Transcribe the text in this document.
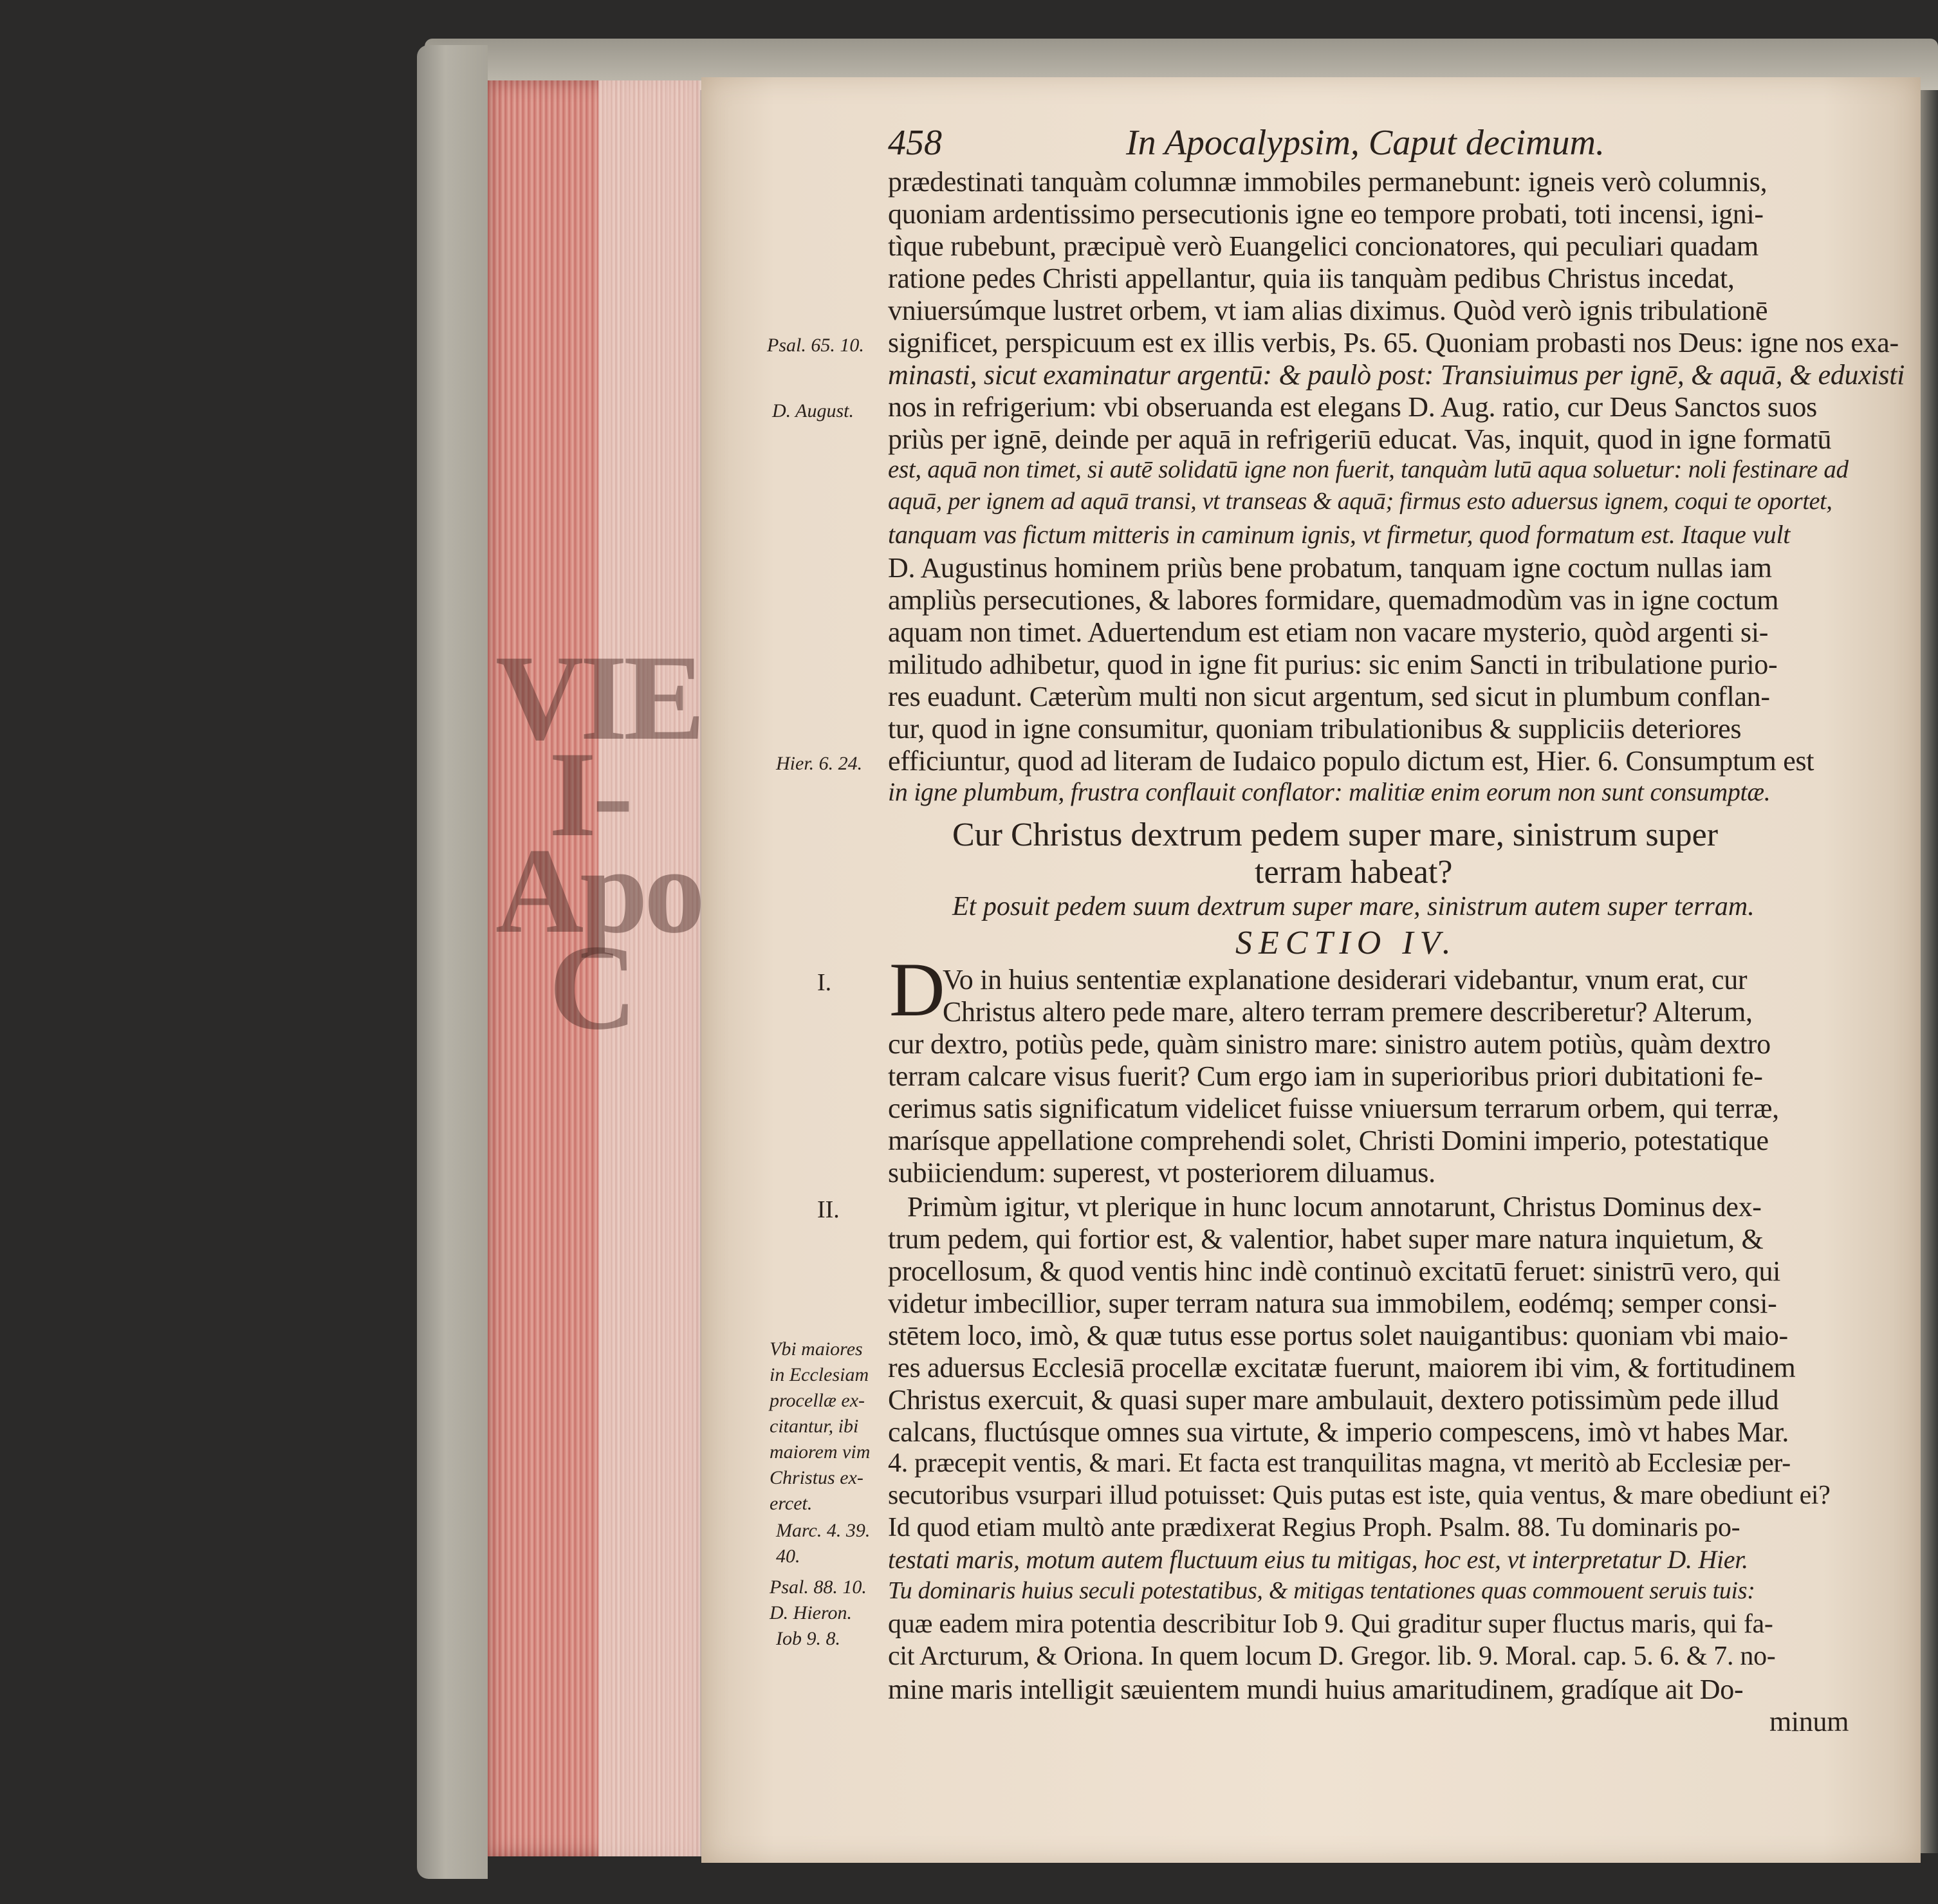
VIE
I-
Apo
C
458	In Apocalypsim, Caput decimum.
prædestinati tanquàm columnæ immobiles permanebunt: igneis verò columnis,
quoniam ardentissimo persecutionis igne eo tempore probati, toti incensi, igni-
tìque rubebunt, præcipuè verò Euangelici concionatores, qui peculiari quadam
ratione pedes Christi appellantur, quia iis tanquàm pedibus Christus incedat,
vniuersúmque lustret orbem, vt iam alias diximus. Quòd verò ignis tribulationē
significet, perspicuum est ex illis verbis, Ps. 65. Quoniam probasti nos Deus: igne nos exa-
minasti, sicut examinatur argentū: & paulò post: Transiuimus per ignē, & aquā, & eduxisti
nos in refrigerium: vbi obseruanda est elegans D. Aug. ratio, cur Deus Sanctos suos
priùs per ignē, deinde per aquā in refrigeriū educat. Vas, inquit, quod in igne formatū
est, aquā non timet, si autē solidatū igne non fuerit, tanquàm lutū aqua soluetur: noli festinare ad
aquā, per ignem ad aquā transi, vt transeas & aquā; firmus esto aduersus ignem, coqui te oportet,
tanquam vas fictum mitteris in caminum ignis, vt firmetur, quod formatum est. Itaque vult
D. Augustinus hominem priùs bene probatum, tanquam igne coctum nullas iam
ampliùs persecutiones, & labores formidare, quemadmodùm vas in igne coctum
aquam non timet. Aduertendum est etiam non vacare mysterio, quòd argenti si-
militudo adhibetur, quod in igne fit purius: sic enim Sancti in tribulatione purio-
res euadunt. Cæterùm multi non sicut argentum, sed sicut in plumbum conflan-
tur, quod in igne consumitur, quoniam tribulationibus & suppliciis deteriores
efficiuntur, quod ad literam de Iudaico populo dictum est, Hier. 6. Consumptum est
in igne plumbum, frustra conflauit conflator: malitiæ enim eorum non sunt consumptæ.
Cur Christus dextrum pedem super mare, sinistrum super
terram habeat?
Et posuit pedem suum dextrum super mare, sinistrum autem super terram.
SECTIO IV.
D
Vo in huius sententiæ explanatione desiderari videbantur, vnum erat, cur
Christus altero pede mare, altero terram premere describeretur? Alterum,
cur dextro, potiùs pede, quàm sinistro mare: sinistro autem potiùs, quàm dextro
terram calcare visus fuerit? Cum ergo iam in superioribus priori dubitationi fe-
cerimus satis significatum videlicet fuisse vniuersum terrarum orbem, qui terræ,
marísque appellatione comprehendi solet, Christi Domini imperio, potestatique
subiiciendum: superest, vt posteriorem diluamus.
Primùm igitur, vt plerique in hunc locum annotarunt, Christus Dominus dex-
trum pedem, qui fortior est, & valentior, habet super mare natura inquietum, &
procellosum, & quod ventis hinc indè continuò excitatū feruet: sinistrū vero, qui
videtur imbecillior, super terram natura sua immobilem, eodémq; semper consi-
stētem loco, imò, & quæ tutus esse portus solet nauigantibus: quoniam vbi maio-
res aduersus Ecclesiā procellæ excitatæ fuerunt, maiorem ibi vim, & fortitudinem
Christus exercuit, & quasi super mare ambulauit, dextero potissimùm pede illud
calcans, fluctúsque omnes sua virtute, & imperio compescens, imò vt habes Mar.
4. præcepit ventis, & mari. Et facta est tranquilitas magna, vt meritò ab Ecclesiæ per-
secutoribus vsurpari illud potuisset: Quis putas est iste, quia ventus, & mare obediunt ei?
Id quod etiam multò ante prædixerat Regius Proph. Psalm. 88. Tu dominaris po-
testati maris, motum autem fluctuum eius tu mitigas, hoc est, vt interpretatur D. Hier.
Tu dominaris huius seculi potestatibus, & mitigas tentationes quas commouent seruis tuis:
quæ eadem mira potentia describitur Iob 9. Qui graditur super fluctus maris, qui fa-
cit Arcturum, & Oriona. In quem locum D. Gregor. lib. 9. Moral. cap. 5. 6. & 7. no-
mine maris intelligit sæuientem mundi huius amaritudinem, gradíque ait Do-
minum
Psal. 65. 10.
D. August.
Hier. 6. 24.
I.
II.
Vbi maiores
in Ecclesiam
procellæ ex-
citantur, ibi
maiorem vim
Christus ex-
ercet.
Marc. 4. 39.
40.
Psal. 88. 10.
D. Hieron.
Iob 9. 8.
